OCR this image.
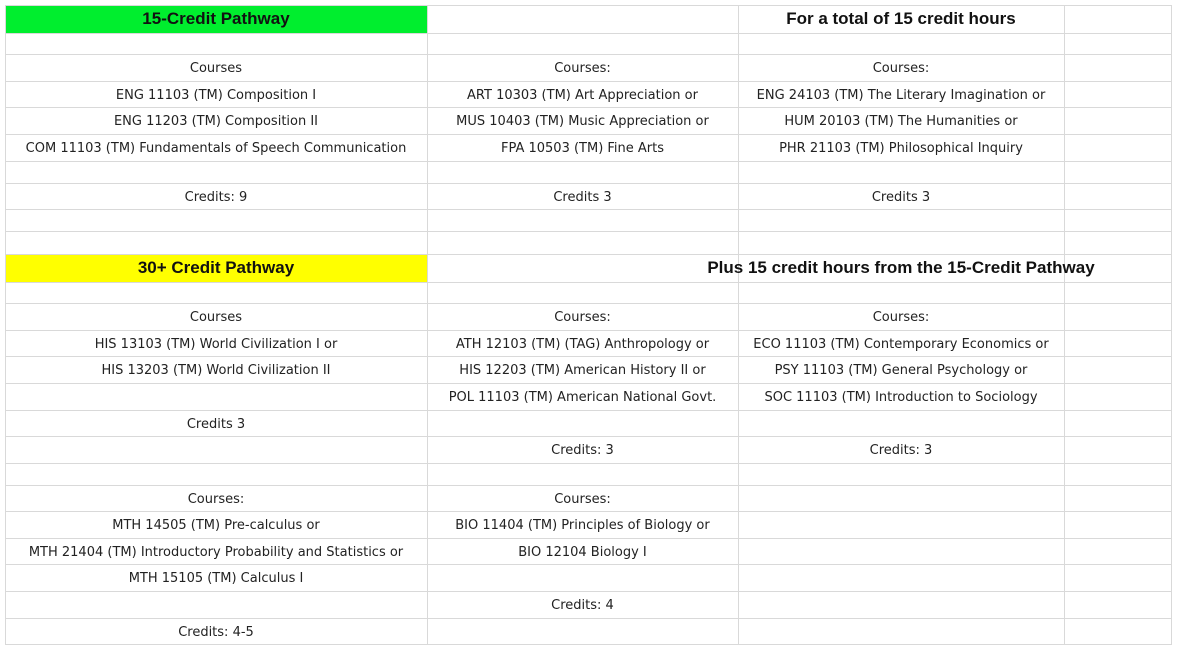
15-Credit Pathway	For a total of 15 credit hours
Courses
ENG 11103 (TM) Composition I
ENG 11203 (TM) Composition II
COM 11103 (TM) Fundamentals of Speech Communication
Credits: 9
Courses:
ART 10303 (TM) Art Appreciation or
MUS 10403 (TM) Music Appreciation or
FPA 10503 (TM) Fine Arts
Credits 3
Courses:
ENG 24103 (TM) The Literary Imagination or
HUM 20103 (TM) The Humanities or
PHR 21103 (TM) Philosophical Inquiry
Credits 3
30+ Credit Pathway	Plus 15 credit hours from the 15-Credit Pathway
Courses
HIS 13103 (TM) World Civilization I or
HIS 13203 (TM) World Civilization II
Credits 3
Courses:
ATH 12103 (TM) (TAG) Anthropology or
HIS 12203 (TM) American History II or
POL 11103 (TM) American National Govt.
Credits: 3
Courses:
ECO 11103 (TM) Contemporary Economics or
PSY 11103 (TM) General Psychology or
SOC 11103 (TM) Introduction to Sociology
Credits: 3
Courses:
MTH 14505 (TM) Pre-calculus or
MTH 21404 (TM) Introductory Probability and Statistics or
MTH 15105 (TM) Calculus I
Credits: 4-5
Courses:
BIO 11404 (TM) Principles of Biology or
BIO 12104 Biology I
Credits: 4
